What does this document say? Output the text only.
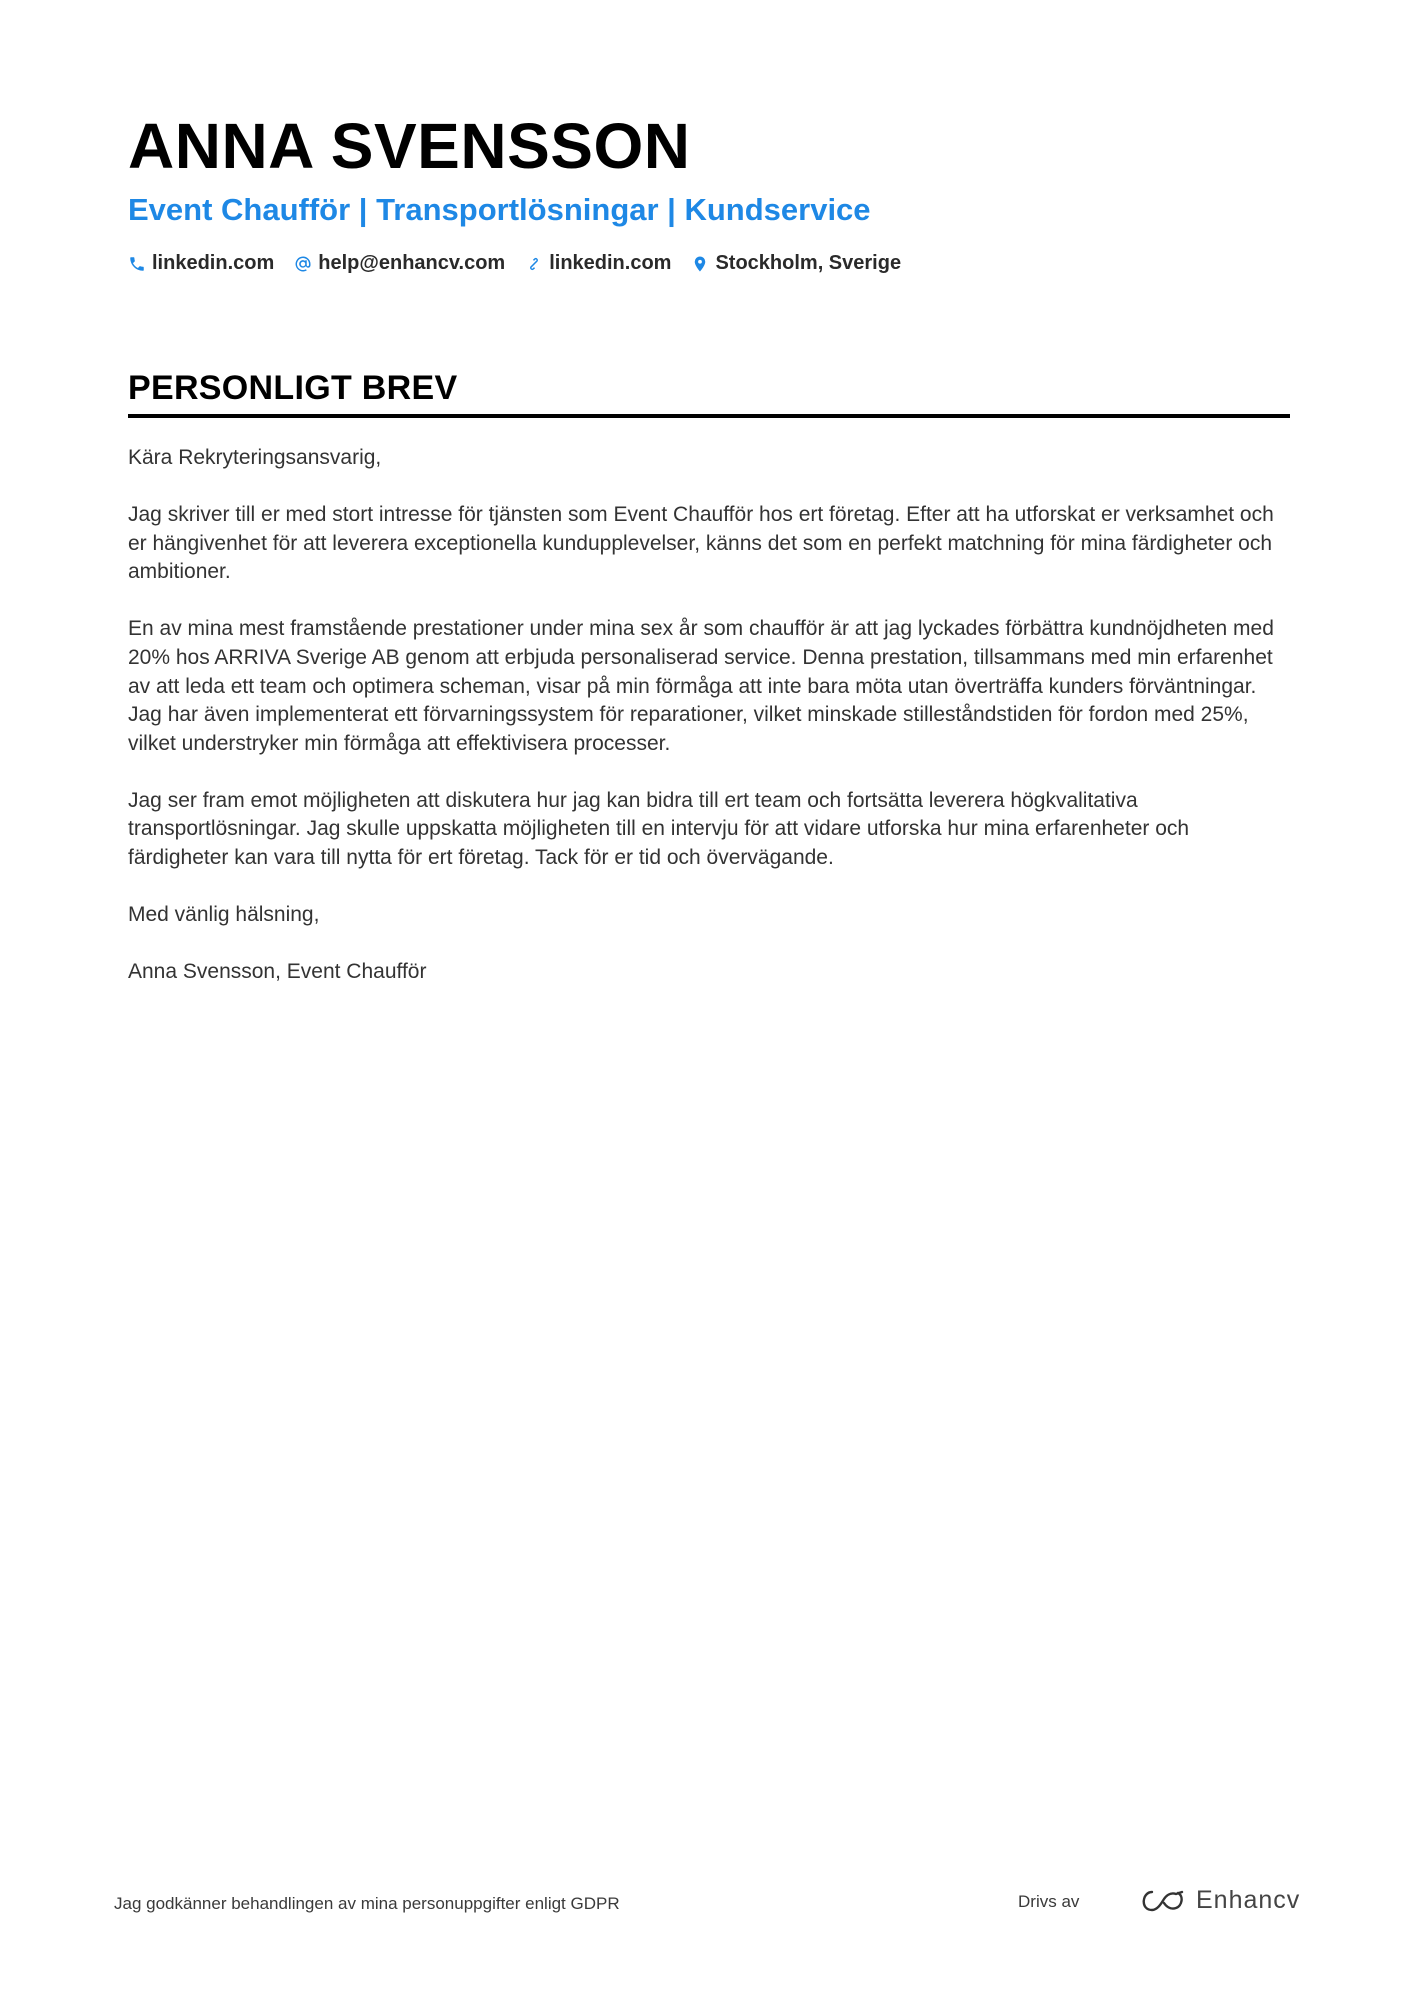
ANNA SVENSSON
Event Chaufför | Transportlösningar | Kundservice
linkedin.com help@enhancv.com linkedin.com Stockholm, Sverige
PERSONLIGT BREV

Kära Rekryteringsansvarig,

Jag skriver till er med stort intresse för tjänsten som Event Chaufför hos ert företag. Efter att ha utforskat er verksamhet och er hängivenhet för att leverera exceptionella kundupplevelser, känns det som en perfekt matchning för mina färdigheter och ambitioner.

En av mina mest framstående prestationer under mina sex år som chaufför är att jag lyckades förbättra kundnöjdheten med 20% hos ARRIVA Sverige AB genom att erbjuda personaliserad service. Denna prestation, tillsammans med min erfarenhet av att leda ett team och optimera scheman, visar på min förmåga att inte bara möta utan överträffa kunders förväntningar. Jag har även implementerat ett förvarningssystem för reparationer, vilket minskade stilleståndstiden för fordon med 25%, vilket understryker min förmåga att effektivisera processer.

Jag ser fram emot möjligheten att diskutera hur jag kan bidra till ert team och fortsätta leverera högkvalitativa transportlösningar. Jag skulle uppskatta möjligheten till en intervju för att vidare utforska hur mina erfarenheter och färdigheter kan vara till nytta för ert företag. Tack för er tid och övervägande.

Med vänlig hälsning,

Anna Svensson, Event Chaufför

Jag godkänner behandlingen av mina personuppgifter enligt GDPR	Drivs av	Enhancv
